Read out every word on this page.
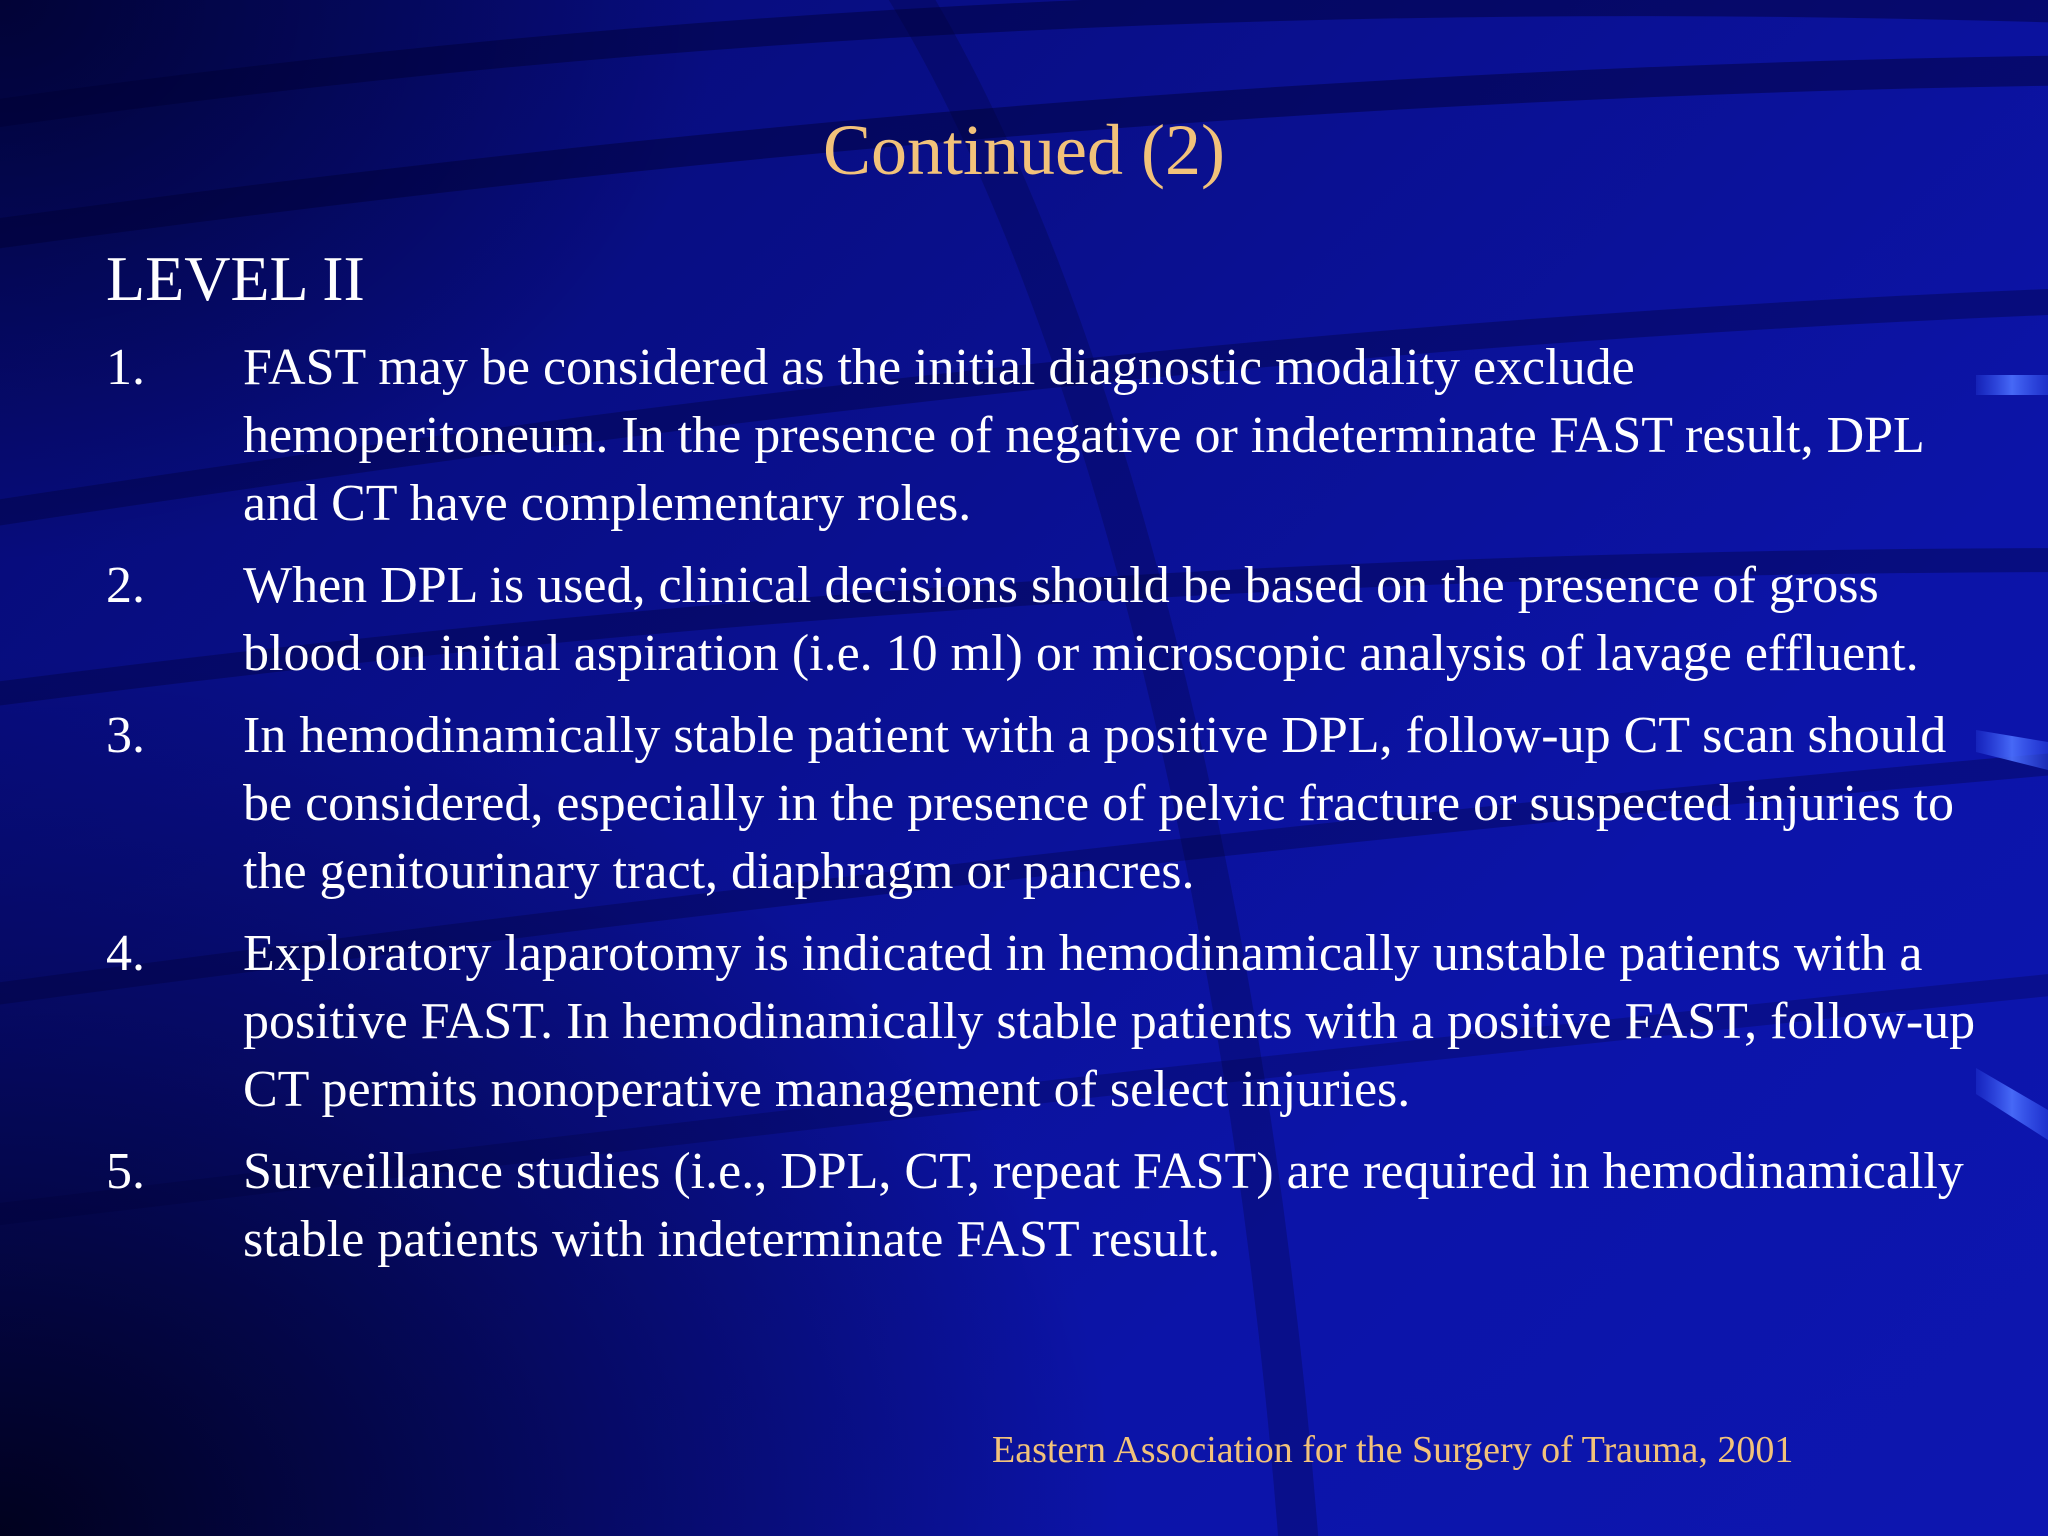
Continued (2)
LEVEL II
1. FAST may be considered as the initial diagnostic modality exclude hemoperitoneum. In the presence of negative or indeterminate FAST result, DPL and CT have complementary roles.
2. When DPL is used, clinical decisions should be based on the presence of gross blood on initial aspiration (i.e. 10 ml) or microscopic analysis of lavage effluent.
3. In hemodinamically stable patient with a positive DPL, follow-up CT scan should be considered, especially in the presence of pelvic fracture or suspected injuries to the genitourinary tract, diaphragm or pancres.
4. Exploratory laparotomy is indicated in hemodinamically unstable patients with a positive FAST. In hemodinamically stable patients with a positive FAST, follow-up CT permits nonoperative management of select injuries.
5. Surveillance studies (i.e., DPL, CT, repeat FAST) are required in hemodinamically stable patients with indeterminate FAST result.
Eastern Association for the Surgery of Trauma, 2001
